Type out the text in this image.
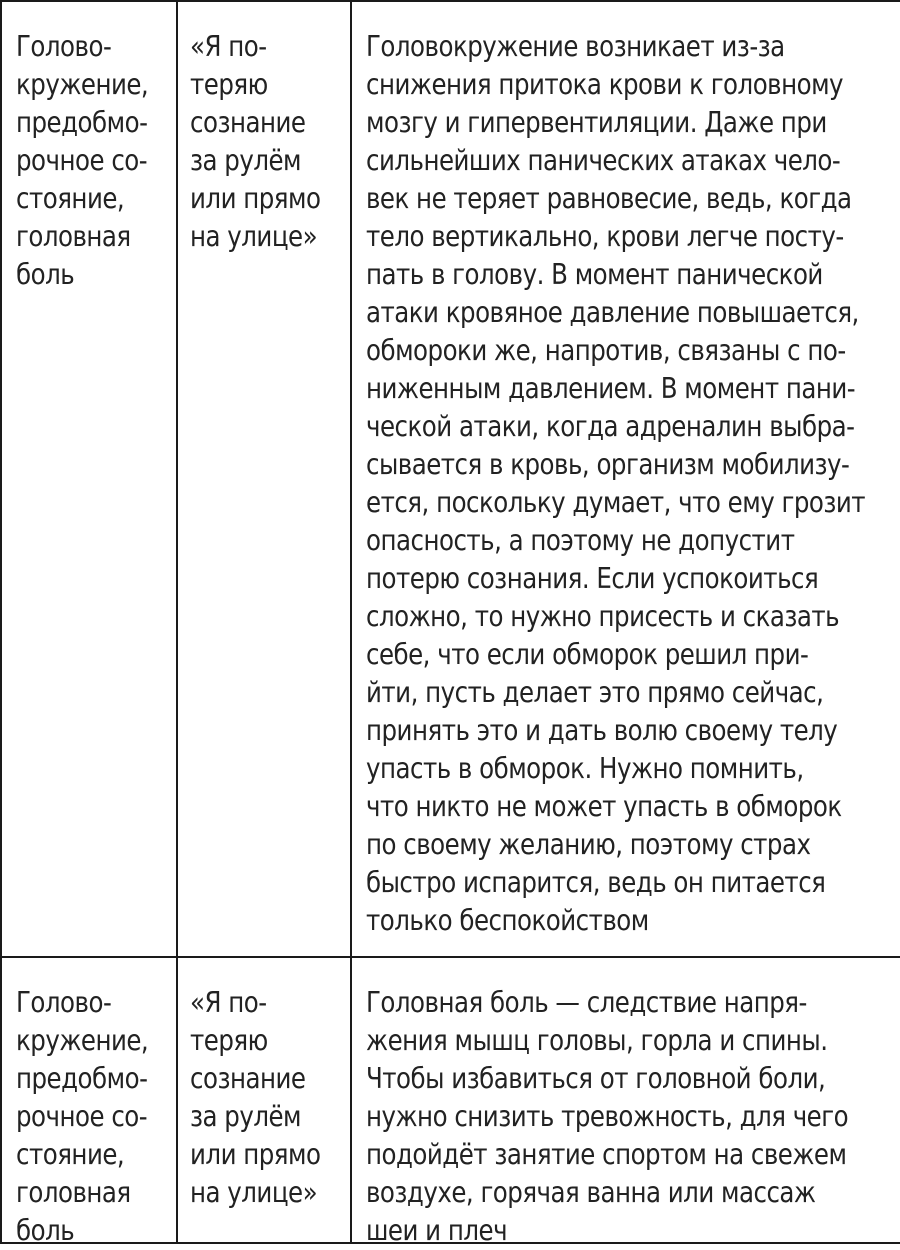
Голово-
кружение,
предобмо-
рочное со-
стояние,
головная
боль
«Я по-
теряю
сознание
за рулём
или прямо
на улице»
Головокружение возникает из-за
снижения притока крови к головному
мозгу и гипервентиляции. Даже при
сильнейших панических атаках чело-
век не теряет равновесие, ведь, когда
тело вертикально, крови легче посту-
пать в голову. В момент панической
атаки кровяное давление повышается,
обмороки же, напротив, связаны с по-
ниженным давлением. В момент пани-
ческой атаки, когда адреналин выбра-
сывается в кровь, организм мобилизу-
ется, поскольку думает, что ему грозит
опасность, а поэтому не допустит
потерю сознания. Если успокоиться
сложно, то нужно присесть и сказать
себе, что если обморок решил при-
йти, пусть делает это прямо сейчас,
принять это и дать волю своему телу
упасть в обморок. Нужно помнить,
что никто не может упасть в обморок
по своему желанию, поэтому страх
быстро испарится, ведь он питается
только беспокойством
Голово-
кружение,
предобмо-
рочное со-
стояние,
головная
боль
«Я по-
теряю
сознание
за рулём
или прямо
на улице»
Головная боль — следствие напря-
жения мышц головы, горла и спины.
Чтобы избавиться от головной боли,
нужно снизить тревожность, для чего
подойдёт занятие спортом на свежем
воздухе, горячая ванна или массаж
шеи и плеч
